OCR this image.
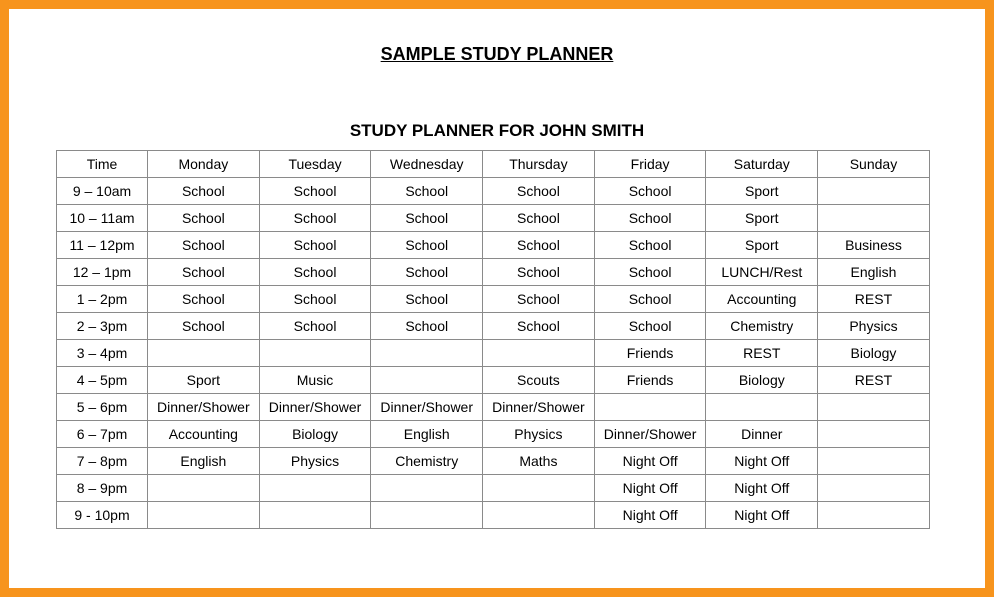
SAMPLE STUDY PLANNER
STUDY PLANNER FOR JOHN SMITH
Time	Monday	Tuesday	Wednesday	Thursday	Friday	Saturday	Sunday
9 – 10am	School	School	School	School	School	Sport	
10 – 11am	School	School	School	School	School	Sport	
11 – 12pm	School	School	School	School	School	Sport	Business
12 – 1pm	School	School	School	School	School	LUNCH/Rest	English
1 – 2pm	School	School	School	School	School	Accounting	REST
2 – 3pm	School	School	School	School	School	Chemistry	Physics
3 – 4pm					Friends	REST	Biology
4 – 5pm	Sport	Music		Scouts	Friends	Biology	REST
5 – 6pm	Dinner/Shower	Dinner/Shower	Dinner/Shower	Dinner/Shower			
6 – 7pm	Accounting	Biology	English	Physics	Dinner/Shower	Dinner	
7 – 8pm	English	Physics	Chemistry	Maths	Night Off	Night Off	
8 – 9pm					Night Off	Night Off	
9 - 10pm					Night Off	Night Off	
